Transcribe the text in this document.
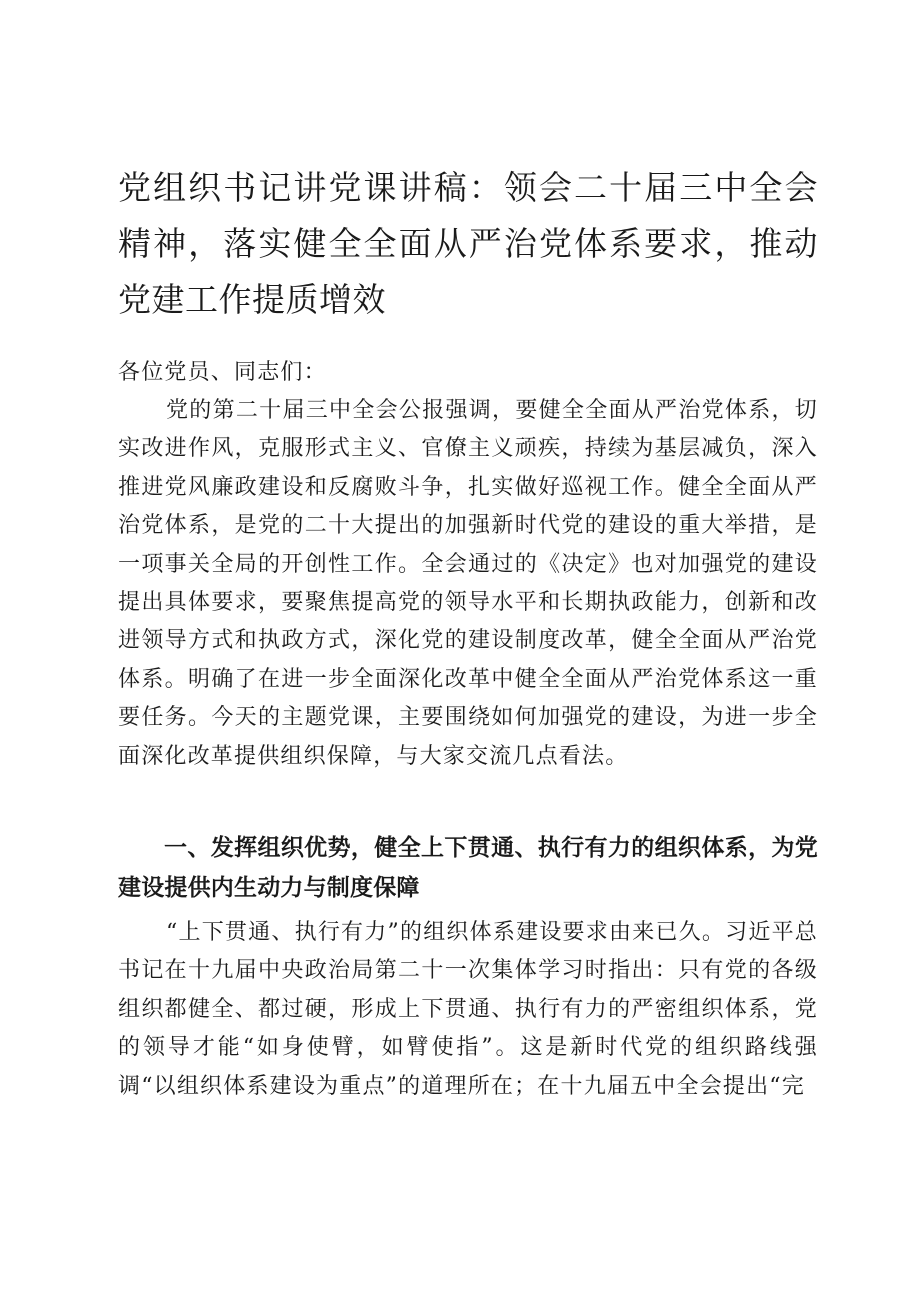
党组织书记讲党课讲稿：领会二十届三中全会精神，落实健全全面从严治党体系要求，推动党建工作提质增效

各位党员、同志们：

党的第二十届三中全会公报强调，要健全全面从严治党体系，切实改进作风，克服形式主义、官僚主义顽疾，持续为基层减负，深入推进党风廉政建设和反腐败斗争，扎实做好巡视工作。健全全面从严治党体系，是党的二十大提出的加强新时代党的建设的重大举措，是一项事关全局的开创性工作。全会通过的《决定》也对加强党的建设提出具体要求，要聚焦提高党的领导水平和长期执政能力，创新和改进领导方式和执政方式，深化党的建设制度改革，健全全面从严治党体系。明确了在进一步全面深化改革中健全全面从严治党体系这一重要任务。今天的主题党课，主要围绕如何加强党的建设，为进一步全面深化改革提供组织保障，与大家交流几点看法。

一、发挥组织优势，健全上下贯通、执行有力的组织体系，为党建设提供内生动力与制度保障

“上下贯通、执行有力”的组织体系建设要求由来已久。习近平总书记在十九届中央政治局第二十一次集体学习时指出：只有党的各级组织都健全、都过硬，形成上下贯通、执行有力的严密组织体系，党的领导才能“如身使臂，如臂使指”。这是新时代党的组织路线强调“以组织体系建设为重点”的道理所在；在十九届五中全会提出“完
